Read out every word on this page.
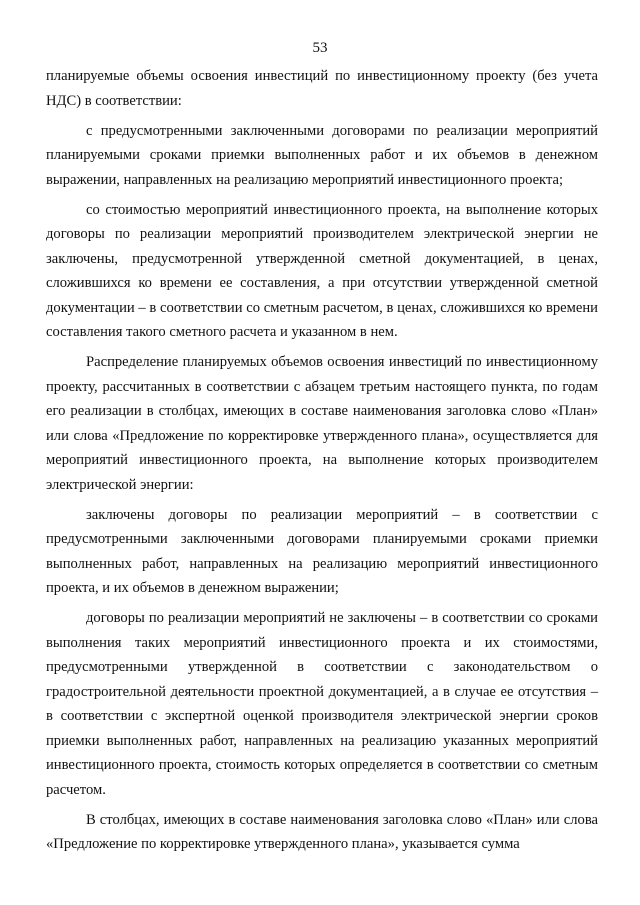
53

планируемые объемы освоения инвестиций по инвестиционному проекту (без учета НДС) в соответствии:

с предусмотренными заключенными договорами по реализации мероприятий планируемыми сроками приемки выполненных работ и их объемов в денежном выражении, направленных на реализацию мероприятий инвестиционного проекта;

со стоимостью мероприятий инвестиционного проекта, на выполнение которых договоры по реализации мероприятий производителем электрической энергии не заключены, предусмотренной утвержденной сметной документацией, в ценах, сложившихся ко времени ее составления, а при отсутствии утвержденной сметной документации – в соответствии со сметным расчетом, в ценах, сложившихся ко времени составления такого сметного расчета и указанном в нем.

Распределение планируемых объемов освоения инвестиций по инвестиционному проекту, рассчитанных в соответствии с абзацем третьим настоящего пункта, по годам его реализации в столбцах, имеющих в составе наименования заголовка слово «План» или слова «Предложение по корректировке утвержденного плана», осуществляется для мероприятий инвестиционного проекта, на выполнение которых производителем электрической энергии:

заключены договоры по реализации мероприятий – в соответствии с предусмотренными заключенными договорами планируемыми сроками приемки выполненных работ, направленных на реализацию мероприятий инвестиционного проекта, и их объемов в денежном выражении;

договоры по реализации мероприятий не заключены – в соответствии со сроками выполнения таких мероприятий инвестиционного проекта и их стоимостями, предусмотренными утвержденной в соответствии с законодательством о градостроительной деятельности проектной документацией, а в случае ее отсутствия – в соответствии с экспертной оценкой производителя электрической энергии сроков приемки выполненных работ, направленных на реализацию указанных мероприятий инвестиционного проекта, стоимость которых определяется в соответствии со сметным расчетом.

В столбцах, имеющих в составе наименования заголовка слово «План» или слова «Предложение по корректировке утвержденного плана», указывается сумма
